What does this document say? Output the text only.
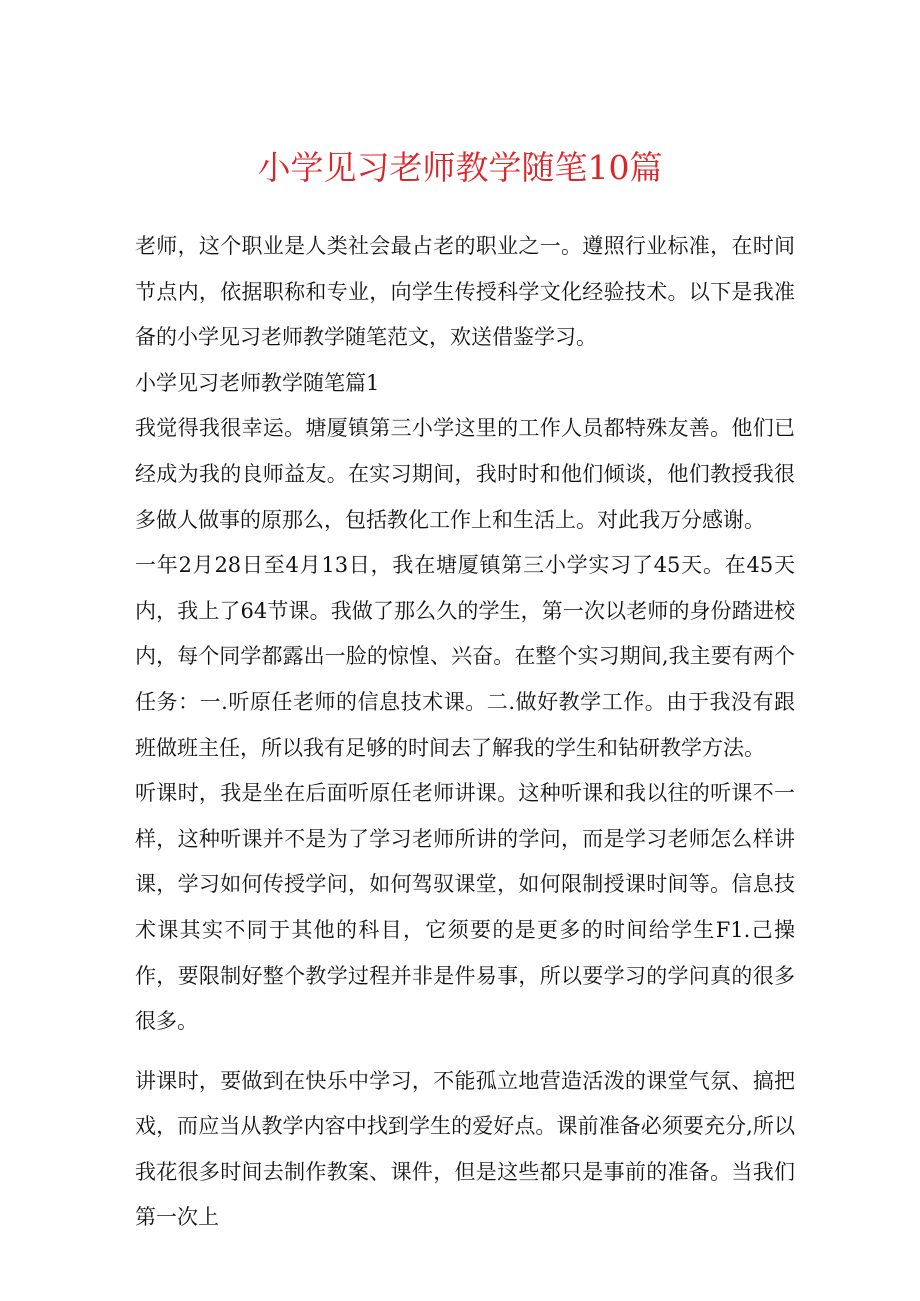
小学见习老师教学随笔10篇

老师，这个职业是人类社会最占老的职业之一。遵照行业标准，在时间节点内，依据职称和专业，向学生传授科学文化经验技术。以下是我准备的小学见习老师教学随笔范文，欢送借鉴学习。

小学见习老师教学随笔篇1

我觉得我很幸运。塘厦镇第三小学这里的工作人员都特殊友善。他们已经成为我的良师益友。在实习期间，我时时和他们倾谈，他们教授我很多做人做事的原那么，包括教化工作上和生活上。对此我万分感谢。

一年2月28日至4月13日，我在塘厦镇第三小学实习了45天。在45天内，我上了64节课。我做了那么久的学生，第一次以老师的身份踏进校内，每个同学都露出一脸的惊惶、兴奋。在整个实习期间,我主要有两个任务：一.听原任老师的信息技术课。二.做好教学工作。由于我没有跟班做班主任，所以我有足够的时间去了解我的学生和钻研教学方法。

听课时，我是坐在后面听原任老师讲课。这种听课和我以往的听课不一样，这种听课并不是为了学习老师所讲的学问，而是学习老师怎么样讲课，学习如何传授学问，如何驾驭课堂，如何限制授课时间等。信息技术课其实不同于其他的科目，它须要的是更多的时间给学生F1.己操作，要限制好整个教学过程并非是件易事，所以要学习的学问真的很多很多。

讲课时，要做到在快乐中学习，不能孤立地营造活泼的课堂气氛、搞把戏，而应当从教学内容中找到学生的爱好点。课前准备必须要充分,所以我花很多时间去制作教案、课件，但是这些都只是事前的准备。当我们第一次上
